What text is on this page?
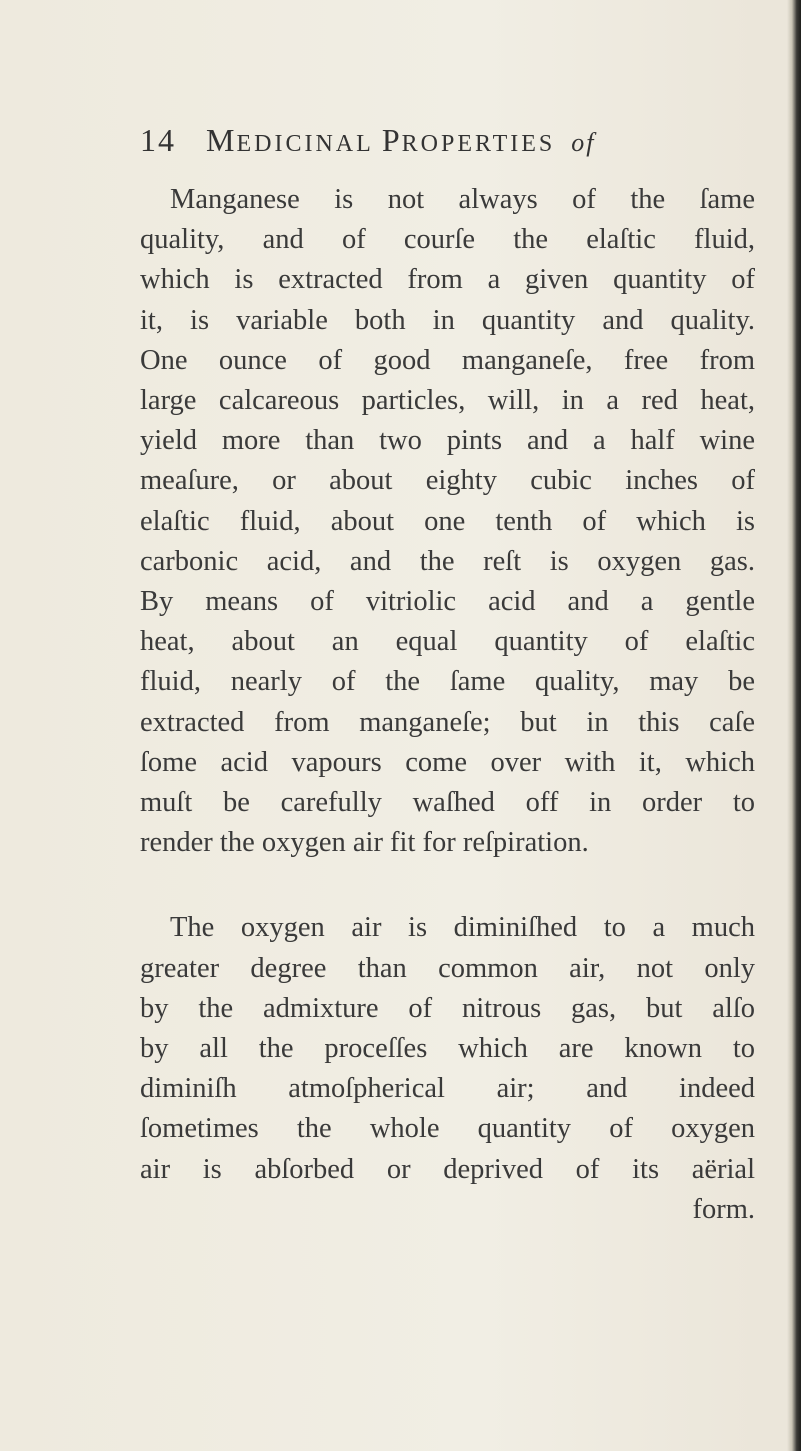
14 MEDICINAL PROPERTIES of
Manganese is not always of the ſame
quality, and of courſe the elaſtic fluid,
which is extracted from a given quantity of
it, is variable both in quantity and quality.
One ounce of good manganeſe, free from
large calcareous particles, will, in a red heat,
yield more than two pints and a half wine
meaſure, or about eighty cubic inches of
elaſtic fluid, about one tenth of which is
carbonic acid, and the reſt is oxygen gas.
By means of vitriolic acid and a gentle
heat, about an equal quantity of elaſtic
fluid, nearly of the ſame quality, may be
extracted from manganeſe; but in this caſe
ſome acid vapours come over with it, which
muſt be carefully waſhed off in order to
render the oxygen air fit for reſpiration.
The oxygen air is diminiſhed to a much
greater degree than common air, not only
by the admixture of nitrous gas, but alſo
by all the proceſſes which are known to
diminiſh atmoſpherical air; and indeed
ſometimes the whole quantity of oxygen
air is abſorbed or deprived of its aërial
form.
